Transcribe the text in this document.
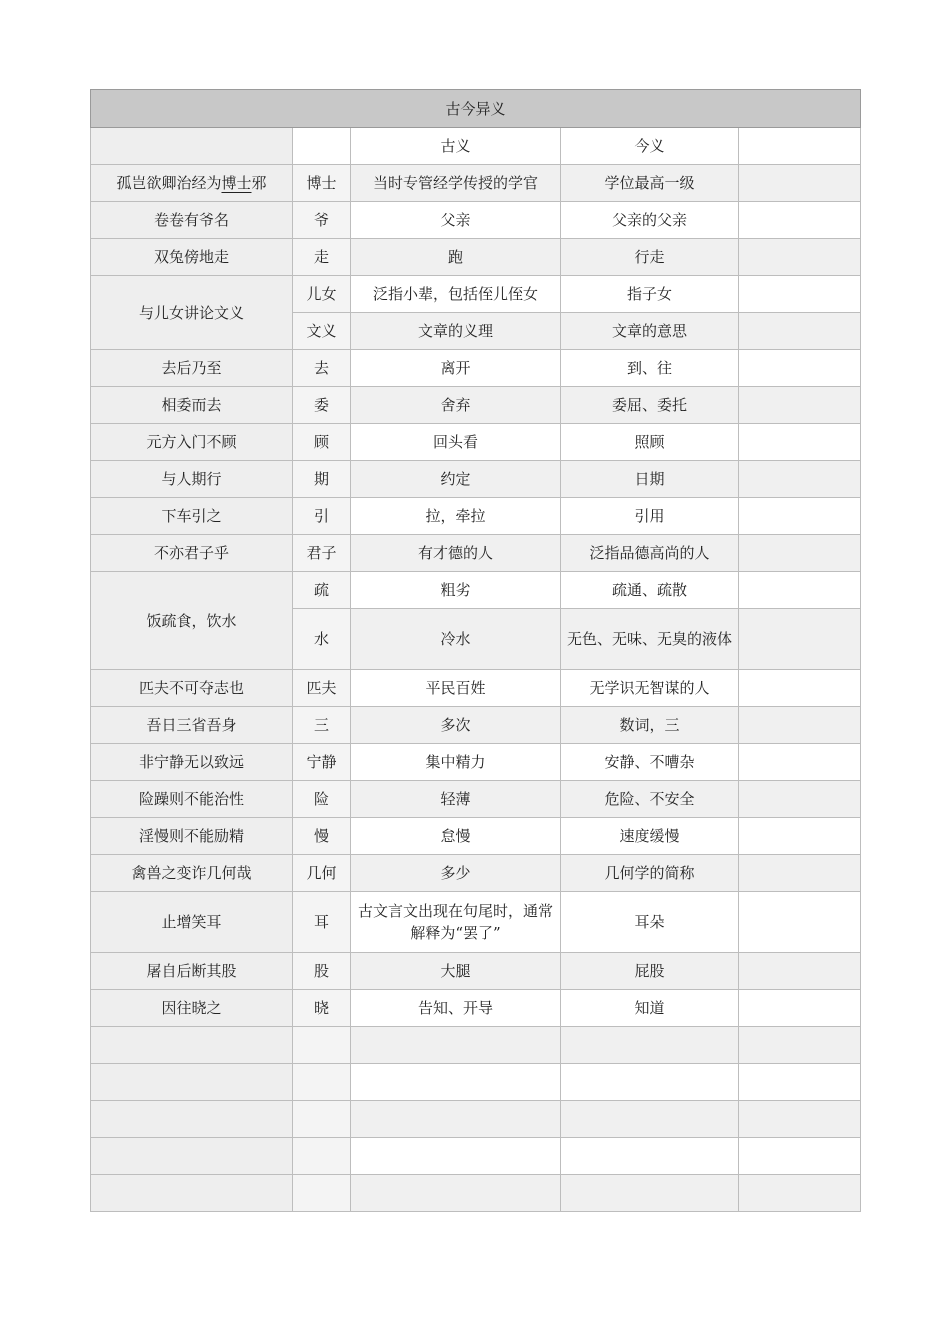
古今异义				
		古义	今义	
孤岂欲卿治经为博士邪	博士	当时专管经学传授的学官	学位最高一级	
卷卷有爷名	爷	父亲	父亲的父亲	
双兔傍地走	走	跑	行走	
与儿女讲论文义	儿女	泛指小辈，包括侄儿侄女	指子女	
	文义	文章的义理	文章的意思	
去后乃至	去	离开	到、往	
相委而去	委	舍弃	委屈、委托	
元方入门不顾	顾	回头看	照顾	
与人期行	期	约定	日期	
下车引之	引	拉，牵拉	引用	
不亦君子乎	君子	有才德的人	泛指品德高尚的人	
饭疏食，饮水	疏	粗劣	疏通、疏散	
	水	冷水	无色、无味、无臭的液体	
匹夫不可夺志也	匹夫	平民百姓	无学识无智谋的人	
吾日三省吾身	三	多次	数词，三	
非宁静无以致远	宁静	集中精力	安静、不嘈杂	
险躁则不能治性	险	轻薄	危险、不安全	
淫慢则不能励精	慢	怠慢	速度缓慢	
禽兽之变诈几何哉	几何	多少	几何学的简称	
止增笑耳	耳	古文言文出现在句尾时，通常解释为“罢了”	耳朵	
屠自后断其股	股	大腿	屁股	
因往晓之	晓	告知、开导	知道	
